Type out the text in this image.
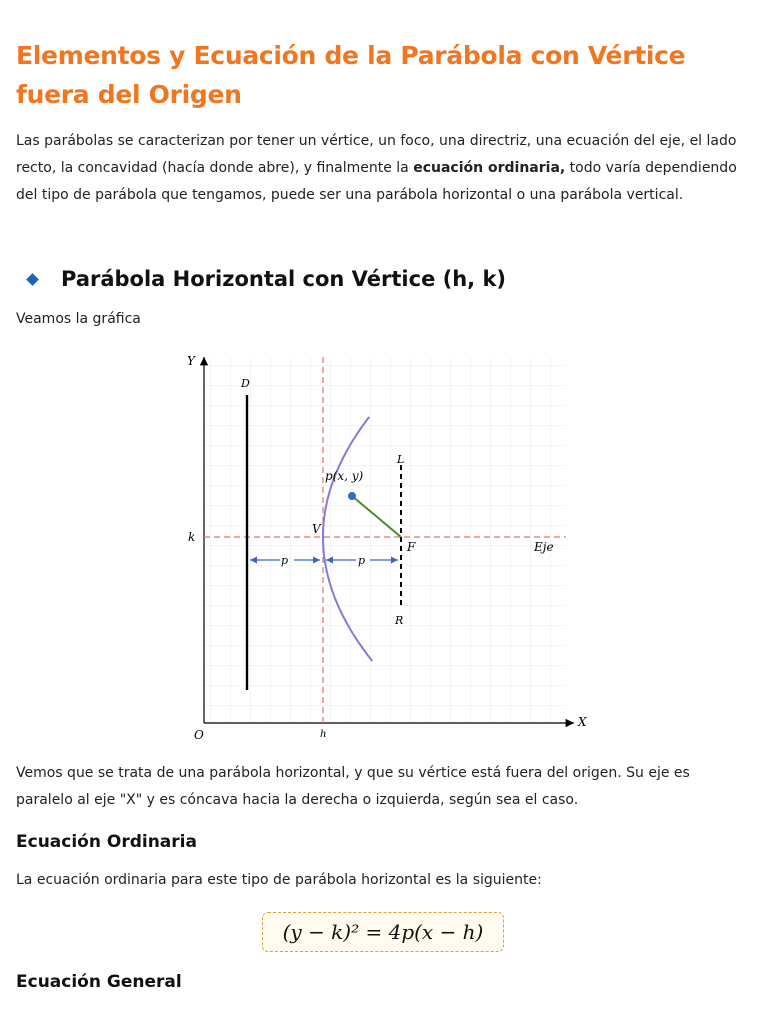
Elementos y Ecuación de la Parábola con Vértice fuera del Origen

Las parábolas se caracterizan por tener un vértice, un foco, una directriz, una ecuación del eje, el lado recto, la concavidad (hacía donde abre), y finalmente la ecuación ordinaria, todo varía dependiendo del tipo de parábola que tengamos, puede ser una parábola horizontal o una parábola vertical.

Parábola Horizontal con Vértice (h, k)

Veamos la gráfica

Vemos que se trata de una parábola horizontal, y que su vértice está fuera del origen. Su eje es paralelo al eje "X" y es cóncava hacia la derecha o izquierda, según sea el caso.

Ecuación Ordinaria

La ecuación ordinaria para este tipo de parábola horizontal es la siguiente:

Ecuación General
(y − k)² = 4p(x − h)
Y
X
O	h
k
D
V
F
p(x, y)
L
R
Eje
p	p
